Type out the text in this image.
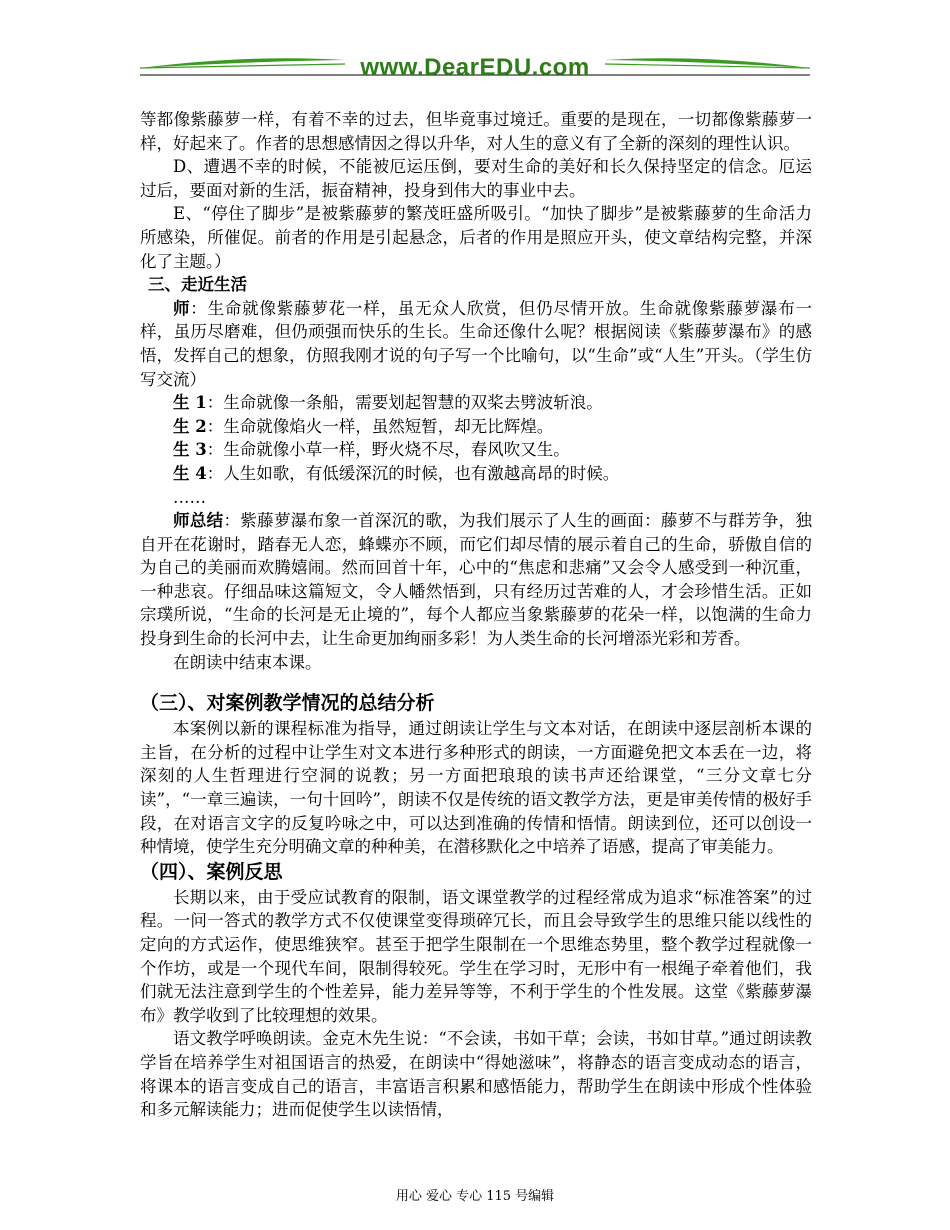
www.DearEDU.com

等都像紫藤萝一样，有着不幸的过去，但毕竟事过境迁。重要的是现在，一切都像紫藤萝一样，好起来了。作者的思想感情因之得以升华，对人生的意义有了全新的深刻的理性认识。

D、遭遇不幸的时候，不能被厄运压倒，要对生命的美好和长久保持坚定的信念。厄运过后，要面对新的生活，振奋精神，投身到伟大的事业中去。

E、“停住了脚步”是被紫藤萝的繁茂旺盛所吸引。“加快了脚步”是被紫藤萝的生命活力所感染，所催促。前者的作用是引起悬念，后者的作用是照应开头，使文章结构完整，并深化了主题。）

三、走近生活

师：生命就像紫藤萝花一样，虽无众人欣赏，但仍尽情开放。生命就像紫藤萝瀑布一样，虽历尽磨难，但仍顽强而快乐的生长。生命还像什么呢？根据阅读《紫藤萝瀑布》的感悟，发挥自己的想象，仿照我刚才说的句子写一个比喻句，以“生命”或“人生”开头。（学生仿写交流）

生 1：生命就像一条船，需要划起智慧的双桨去劈波斩浪。

生 2：生命就像焰火一样，虽然短暂，却无比辉煌。

生 3：生命就像小草一样，野火烧不尽，春风吹又生。

生 4：人生如歌，有低缓深沉的时候，也有激越高昂的时候。

……

师总结：紫藤萝瀑布象一首深沉的歌，为我们展示了人生的画面：藤萝不与群芳争，独自开在花谢时，踏春无人恋，蜂蝶亦不顾，而它们却尽情的展示着自己的生命，骄傲自信的为自己的美丽而欢腾嬉闹。然而回首十年，心中的“焦虑和悲痛”又会令人感受到一种沉重，一种悲哀。仔细品味这篇短文，令人幡然悟到，只有经历过苦难的人，才会珍惜生活。正如宗璞所说，“生命的长河是无止境的”，每个人都应当象紫藤萝的花朵一样，以饱满的生命力投身到生命的长河中去，让生命更加绚丽多彩！为人类生命的长河增添光彩和芳香。

在朗读中结束本课。

（三）、对案例教学情况的总结分析

本案例以新的课程标准为指导，通过朗读让学生与文本对话，在朗读中逐层剖析本课的主旨，在分析的过程中让学生对文本进行多种形式的朗读，一方面避免把文本丢在一边，将深刻的人生哲理进行空洞的说教；另一方面把琅琅的读书声还给课堂，“三分文章七分读”，“一章三遍读，一句十回吟”，朗读不仅是传统的语文教学方法，更是审美传情的极好手段，在对语言文字的反复吟咏之中，可以达到准确的传情和悟情。朗读到位，还可以创设一种情境，使学生充分明确文章的种种美，在潜移默化之中培养了语感，提高了审美能力。

（四）、案例反思

长期以来，由于受应试教育的限制，语文课堂教学的过程经常成为追求“标准答案”的过程。一问一答式的教学方式不仅使课堂变得琐碎冗长，而且会导致学生的思维只能以线性的定向的方式运作，使思维狭窄。甚至于把学生限制在一个思维态势里，整个教学过程就像一个作坊，或是一个现代车间，限制得较死。学生在学习时，无形中有一根绳子牵着他们，我们就无法注意到学生的个性差异，能力差异等等，不利于学生的个性发展。这堂《紫藤萝瀑布》教学收到了比较理想的效果。

语文教学呼唤朗读。金克木先生说：“不会读，书如干草；会读，书如甘草。”通过朗读教学旨在培养学生对祖国语言的热爱，在朗读中“得她滋味”，将静态的语言变成动态的语言，将课本的语言变成自己的语言，丰富语言积累和感悟能力，帮助学生在朗读中形成个性体验和多元解读能力；进而促使学生以读悟情，

用心 爱心 专心 115 号编辑
